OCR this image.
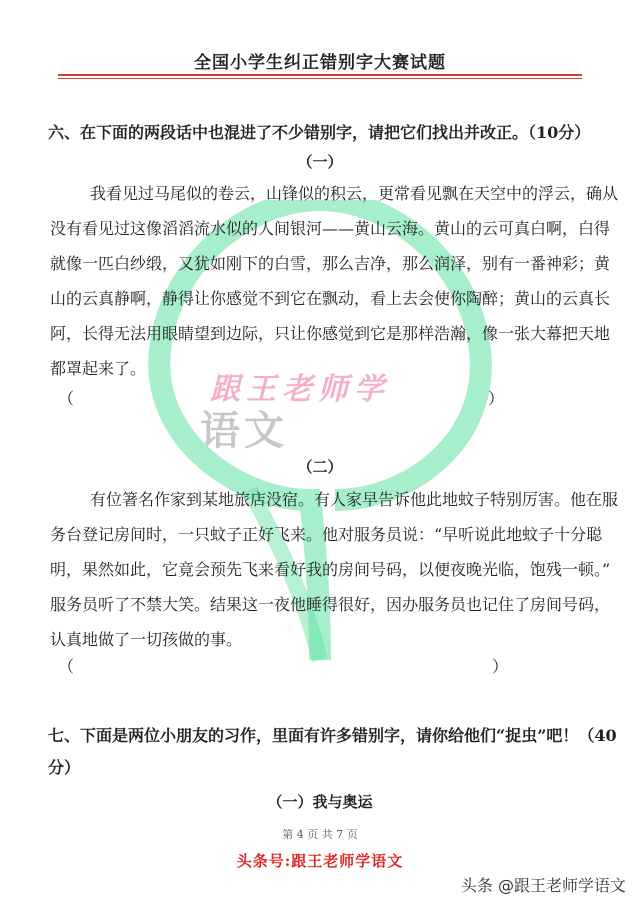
全国小学生纠正错别字大赛试题
跟王老师学
语文
六、在下面的两段话中也混进了不少错别字，请把它们找出并改正。（10分）
（一）
我看见过马尾似的卷云，山锋似的积云，更常看见飘在天空中的浮云，确从
没有看见过这像滔滔流水似的人间银河——黄山云海。黄山的云可真白啊，白得
就像一匹白纱缎，又犹如刚下的白雪，那么吉净，那么润泽，别有一番神彩；黄
山的云真静啊，静得让你感觉不到它在飘动，看上去会使你陶醉；黄山的云真长
阿，长得无法用眼睛望到边际，只让你感觉到它是那样浩瀚，像一张大幕把天地
都罩起来了。
（	）
（二）
有位箸名作家到某地旅店没宿。有人家早告诉他此地蚊子特别厉害。他在服
务台登记房间时，一只蚊子正好飞来。他对服务员说：“早听说此地蚊子十分聪
明，果然如此，它竟会预先飞来看好我的房间号码，以便夜晚光临，饱残一顿。”
服务员听了不禁大笑。结果这一夜他睡得很好，因办服务员也记住了房间号码，
认真地做了一切孩做的事。
（	）
七、下面是两位小朋友的习作，里面有许多错别字，请你给他们“捉虫”吧！（40
分）
（一）我与奥运
第 4 页 共 7 页
头条号:跟王老师学语文
头条 @跟王老师学语文
